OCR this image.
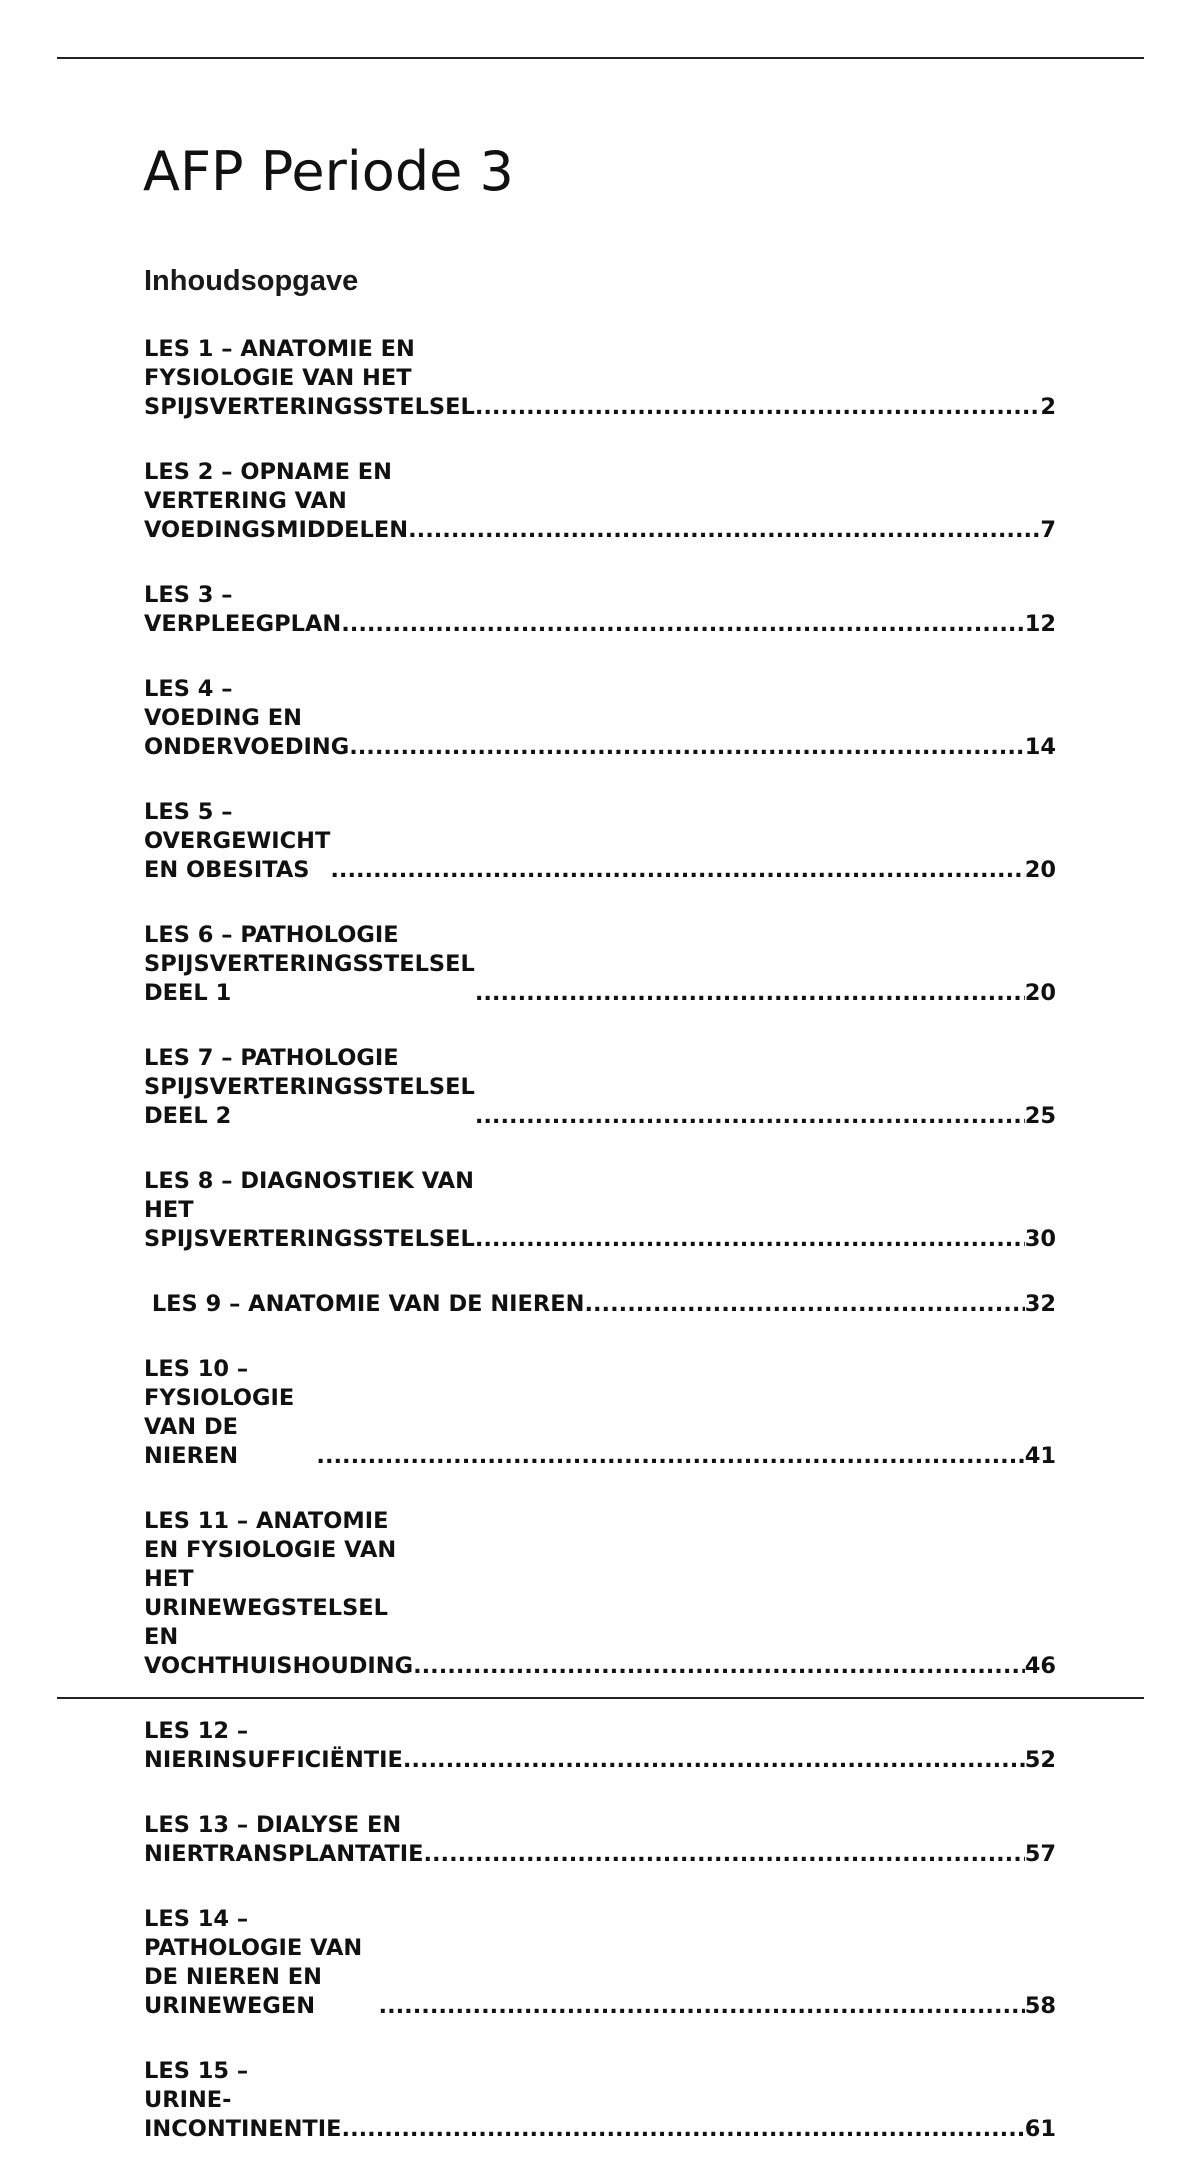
AFP Periode 3
Inhoudsopgave
LES 1 – ANATOMIE EN FYSIOLOGIE VAN HET
SPIJSVERTERINGSSTELSEL .....	2
LES 2 – OPNAME EN VERTERING VAN VOEDINGSMIDDELEN .....	7
LES 3 – VERPLEEGPLAN .....	12
LES 4 – VOEDING EN ONDERVOEDING .....	14
LES 5 – OVERGEWICHT EN OBESITAS .....	20
LES 6 – PATHOLOGIE SPIJSVERTERINGSSTELSEL DEEL 1 .....	20
LES 7 – PATHOLOGIE SPIJSVERTERINGSSTELSEL DEEL 2 .....	25
LES 8 – DIAGNOSTIEK VAN HET SPIJSVERTERINGSSTELSEL .....	30
LES 9 – ANATOMIE VAN DE NIEREN .....	32
LES 10 – FYSIOLOGIE VAN DE NIEREN .....	41
LES 11 – ANATOMIE EN FYSIOLOGIE VAN HET URINEWEGSTELSEL
EN VOCHTHUISHOUDING .....	46
LES 12 – NIERINSUFFICIËNTIE .....	52
LES 13 – DIALYSE EN NIERTRANSPLANTATIE .....	57
LES 14 – PATHOLOGIE VAN DE NIEREN EN URINEWEGEN .....	58
LES 15 – URINE-INCONTINENTIE .....	61
